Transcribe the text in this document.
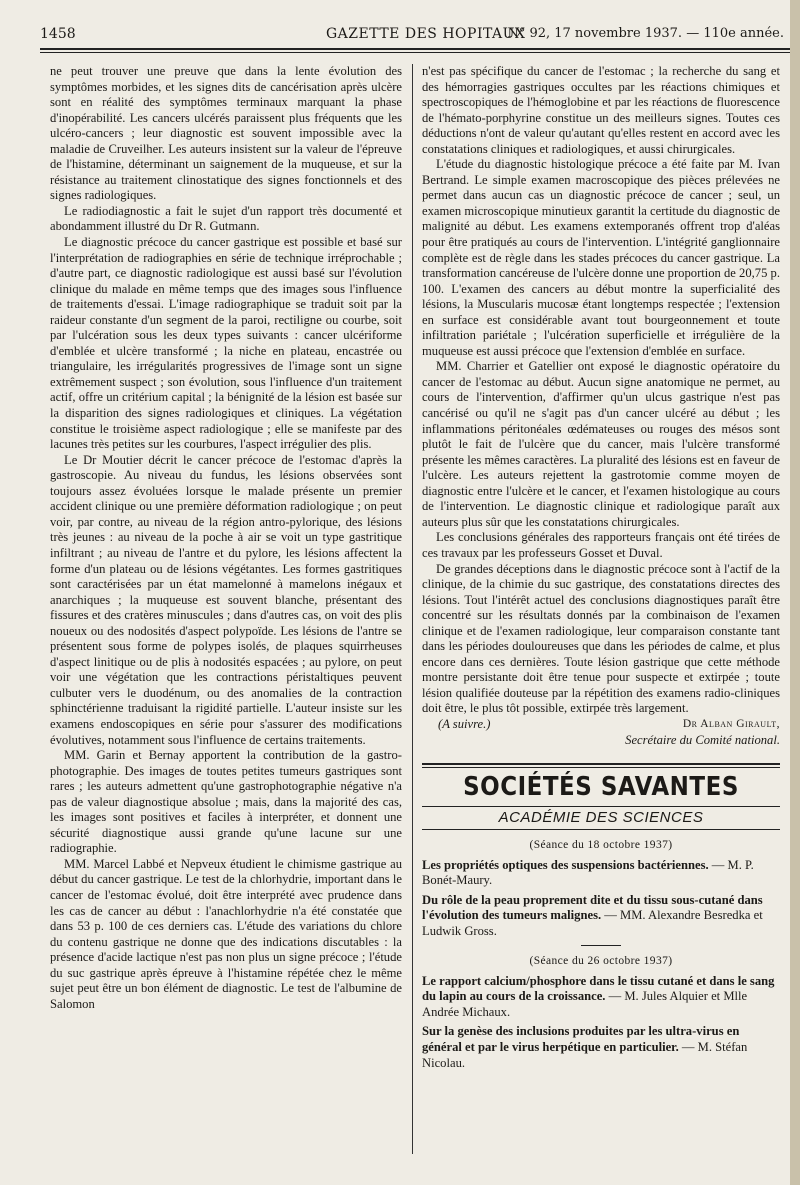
1458	GAZETTE DES HOPITAUX
N° 92, 17 novembre 1937. — 110e année.

ne peut trouver une preuve que dans la lente évolution des symptômes morbides, et les signes dits de cancérisation après ulcère sont en réalité des symptômes terminaux marquant la phase d'inopérabilité. Les cancers ulcérés paraissent plus fréquents que les ulcéro-cancers ; leur diagnostic est souvent impossible avec la maladie de Cruveilher. Les auteurs insistent sur la valeur de l'épreuve de l'histamine, déterminant un saignement de la muqueuse, et sur la résistance au traitement clinostatique des signes fonctionnels et des signes radiologiques.

Le radiodiagnostic a fait le sujet d'un rapport très documenté et abondamment illustré du Dr R. Gutmann.

Le diagnostic précoce du cancer gastrique est possible et basé sur l'interprétation de radiographies en série de technique irréprochable ; d'autre part, ce diagnostic radiologique est aussi basé sur l'évolution clinique du malade en même temps que des images sous l'influence de traitements d'essai. L'image radiographique se traduit soit par la raideur constante d'un segment de la paroi, rectiligne ou courbe, soit par l'ulcération sous les deux types suivants : cancer ulcériforme d'emblée et ulcère transformé ; la niche en plateau, encastrée ou triangulaire, les irrégularités progressives de l'image sont un signe extrêmement suspect ; son évolution, sous l'influence d'un traitement actif, offre un critérium capital ; la bénignité de la lésion est basée sur la disparition des signes radiologiques et cliniques. La végétation constitue le troisième aspect radiologique ; elle se manifeste par des lacunes très petites sur les courbures, l'aspect irrégulier des plis.

Le Dr Moutier décrit le cancer précoce de l'estomac d'après la gastroscopie. Au niveau du fundus, les lésions observées sont toujours assez évoluées lorsque le malade présente un premier accident clinique ou une première déformation radiologique ; on peut voir, par contre, au niveau de la région antro-pylorique, des lésions très jeunes : au niveau de la poche à air se voit un type gastritique infiltrant ; au niveau de l'antre et du pylore, les lésions affectent la forme d'un plateau ou de lésions végétantes. Les formes gastritiques sont caractérisées par un état mamelonné à mamelons inégaux et anarchiques ; la muqueuse est souvent blanche, présentant des fissures et des cratères minuscules ; dans d'autres cas, on voit des plis noueux ou des nodosités d'aspect polypoïde. Les lésions de l'antre se présentent sous forme de polypes isolés, de plaques squirrheuses d'aspect linitique ou de plis à nodosités espacées ; au pylore, on peut voir une végétation que les contractions péristaltiques peuvent culbuter vers le duodénum, ou des anomalies de la contraction sphinctérienne traduisant la rigidité partielle. L'auteur insiste sur les examens endoscopiques en série pour s'assurer des modifications évolutives, notamment sous l'influence de certains traitements.

MM. Garin et Bernay apportent la contribution de la gastro-photographie. Des images de toutes petites tumeurs gastriques sont rares ; les auteurs admettent qu'une gastrophotographie négative n'a pas de valeur diagnostique absolue ; mais, dans la majorité des cas, les images sont positives et faciles à interpréter, et donnent une sécurité diagnostique aussi grande qu'une lacune sur une radiographie.

MM. Marcel Labbé et Nepveux étudient le chimisme gastrique au début du cancer gastrique. Le test de la chlorhydrie, important dans le cancer de l'estomac évolué, doit être interprété avec prudence dans les cas de cancer au début : l'anachlorhydrie n'a été constatée que dans 53 p. 100 de ces derniers cas. L'étude des variations du chlore du contenu gastrique ne donne que des indications discutables : la présence d'acide lactique n'est pas non plus un signe précoce ; l'étude du suc gastrique après épreuve à l'histamine répétée chez le même sujet peut être un bon élément de diagnostic. Le test de l'albumine de Salomon

n'est pas spécifique du cancer de l'estomac ; la recherche du sang et des hémorragies gastriques occultes par les réactions chimiques et spectroscopiques de l'hémoglobine et par les réactions de fluorescence de l'hémato-porphyrine constitue un des meilleurs signes. Toutes ces déductions n'ont de valeur qu'autant qu'elles restent en accord avec les constatations cliniques et radiologiques, et aussi chirurgicales.

L'étude du diagnostic histologique précoce a été faite par M. Ivan Bertrand. Le simple examen macroscopique des pièces prélevées ne permet dans aucun cas un diagnostic précoce de cancer ; seul, un examen microscopique minutieux garantit la certitude du diagnostic de malignité au début. Les examens extemporanés offrent trop d'aléas pour être pratiqués au cours de l'intervention. L'intégrité ganglionnaire complète est de règle dans les stades précoces du cancer gastrique. La transformation cancéreuse de l'ulcère donne une proportion de 20,75 p. 100. L'examen des cancers au début montre la superficialité des lésions, la Muscularis mucosæ étant longtemps respectée ; l'extension en surface est considérable avant tout bourgeonnement et toute infiltration pariétale ; l'ulcération superficielle et irrégulière de la muqueuse est aussi précoce que l'extension d'emblée en surface.

MM. Charrier et Gatellier ont exposé le diagnostic opératoire du cancer de l'estomac au début. Aucun signe anatomique ne permet, au cours de l'intervention, d'affirmer qu'un ulcus gastrique n'est pas cancérisé ou qu'il ne s'agit pas d'un cancer ulcéré au début ; les inflammations péritonéales œdémateuses ou rouges des mésos sont plutôt le fait de l'ulcère que du cancer, mais l'ulcère transformé présente les mêmes caractères. La pluralité des lésions est en faveur de l'ulcère. Les auteurs rejettent la gastrotomie comme moyen de diagnostic entre l'ulcère et le cancer, et l'examen histologique au cours de l'intervention. Le diagnostic clinique et radiologique paraît aux auteurs plus sûr que les constatations chirurgicales.

Les conclusions générales des rapporteurs français ont été tirées de ces travaux par les professeurs Gosset et Duval.

De grandes déceptions dans le diagnostic précoce sont à l'actif de la clinique, de la chimie du suc gastrique, des constatations directes des lésions. Tout l'intérêt actuel des conclusions diagnostiques paraît être concentré sur les résultats donnés par la combinaison de l'examen clinique et de l'examen radiologique, leur comparaison constante tant dans les périodes douloureuses que dans les périodes de calme, et plus encore dans ces dernières. Toute lésion gastrique que cette méthode montre persistante doit être tenue pour suspecte et extirpée ; toute lésion qualifiée douteuse par la répétition des examens radio-cliniques doit être, le plus tôt possible, extirpée très largement.

(A suivre.)	Dr Alban Girault,
Secrétaire du Comité national.
SOCIÉTÉS SAVANTES
ACADÉMIE DES SCIENCES
(Séance du 18 octobre 1937)
Les propriétés optiques des suspensions bactériennes. — M. P. Bonét-Maury.
Du rôle de la peau proprement dite et du tissu sous-cutané dans l'évolution des tumeurs malignes. — MM. Alexandre Besredka et Ludwik Gross.
(Séance du 26 octobre 1937)
Le rapport calcium/phosphore dans le tissu cutané et dans le sang du lapin au cours de la croissance. — M. Jules Alquier et Mlle Andrée Michaux.
Sur la genèse des inclusions produites par les ultra-virus en général et par le virus herpétique en particulier. — M. Stéfan Nicolau.
